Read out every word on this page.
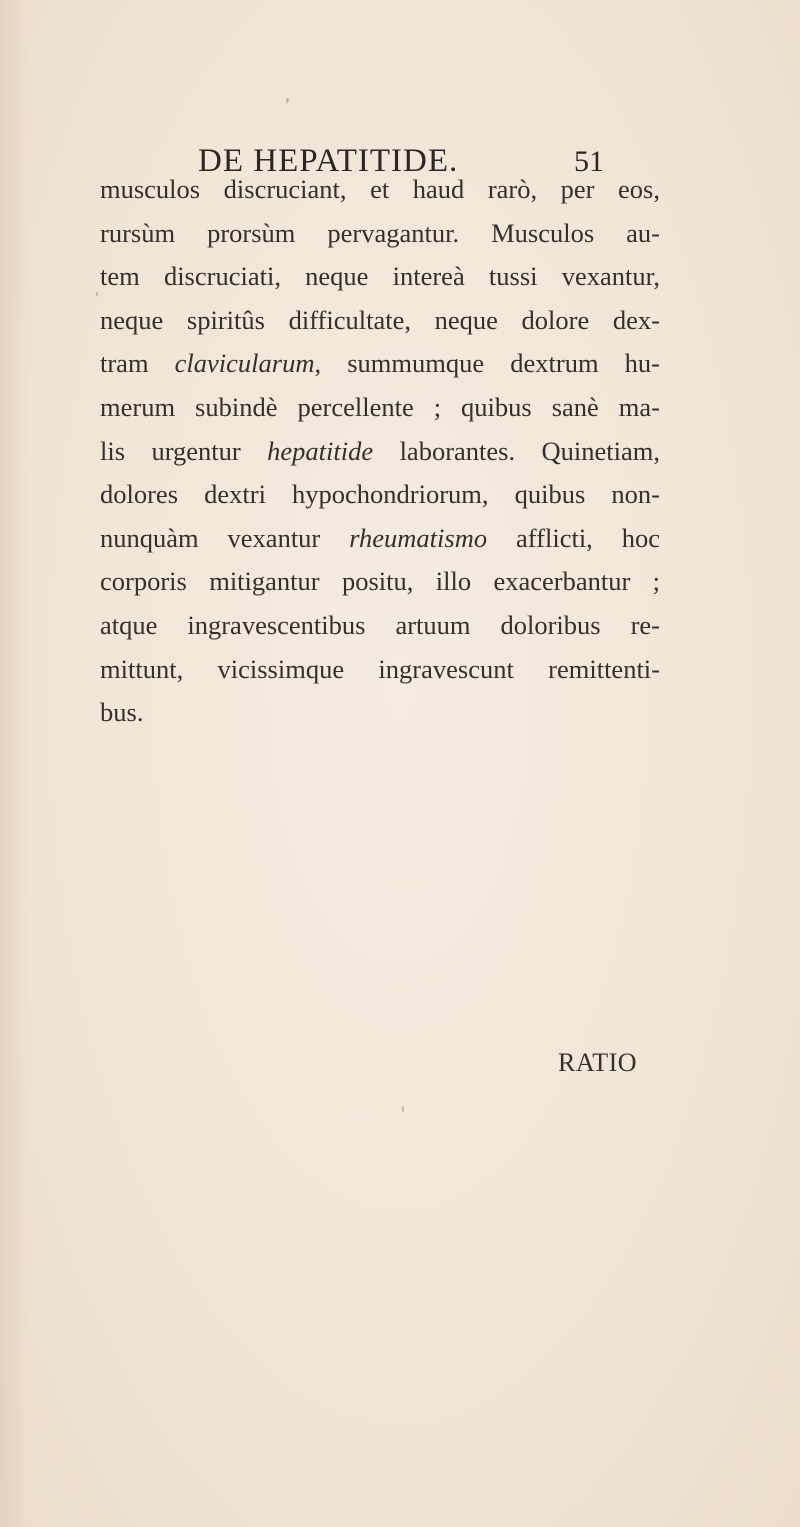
DE HEPATITIDE.	51
musculos discruciant, et haud rarò, per eos,
rursùm prorsùm pervagantur. Musculos au-
tem discruciati, neque intereà tussi vexantur,
neque spiritûs difficultate, neque dolore dex-
tram clavicularum, summumque dextrum hu-
merum subindè percellente ; quibus sanè ma-
lis urgentur hepatitide laborantes. Quinetiam,
dolores dextri hypochondriorum, quibus non-
nunquàm vexantur rheumatismo afflicti, hoc
corporis mitigantur positu, illo exacerbantur ;
atque ingravescentibus artuum doloribus re-
mittunt, vicissimque ingravescunt remittenti-
bus.
RATIO
